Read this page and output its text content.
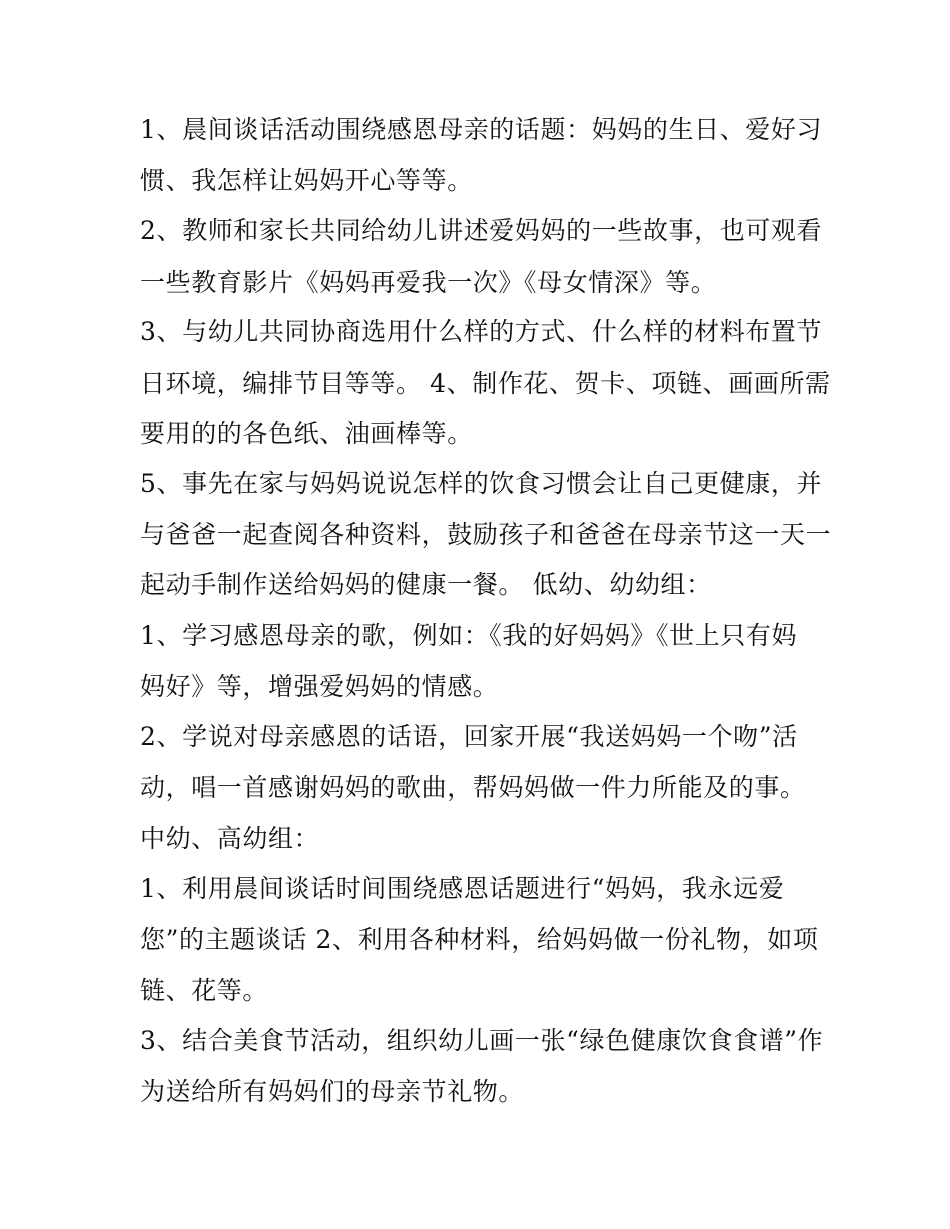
1、晨间谈话活动围绕感恩母亲的话题：妈妈的生日、爱好习
惯、我怎样让妈妈开心等等。
2、教师和家长共同给幼儿讲述爱妈妈的一些故事，也可观看
一些教育影片《妈妈再爱我一次》《母女情深》等。
3、与幼儿共同协商选用什么样的方式、什么样的材料布置节
日环境，编排节目等等。 4、制作花、贺卡、项链、画画所需
要用的的各色纸、油画棒等。
5、事先在家与妈妈说说怎样的饮食习惯会让自己更健康，并
与爸爸一起查阅各种资料，鼓励孩子和爸爸在母亲节这一天一
起动手制作送给妈妈的健康一餐。 低幼、幼幼组：
1、学习感恩母亲的歌，例如：《我的好妈妈》《世上只有妈
妈好》等，增强爱妈妈的情感。
2、学说对母亲感恩的话语，回家开展“我送妈妈一个吻”活
动，唱一首感谢妈妈的歌曲，帮妈妈做一件力所能及的事。
中幼、高幼组：
1、利用晨间谈话时间围绕感恩话题进行“妈妈，我永远爱
您”的主题谈话 2、利用各种材料，给妈妈做一份礼物，如项
链、花等。
3、结合美食节活动，组织幼儿画一张“绿色健康饮食食谱”作
为送给所有妈妈们的母亲节礼物。
